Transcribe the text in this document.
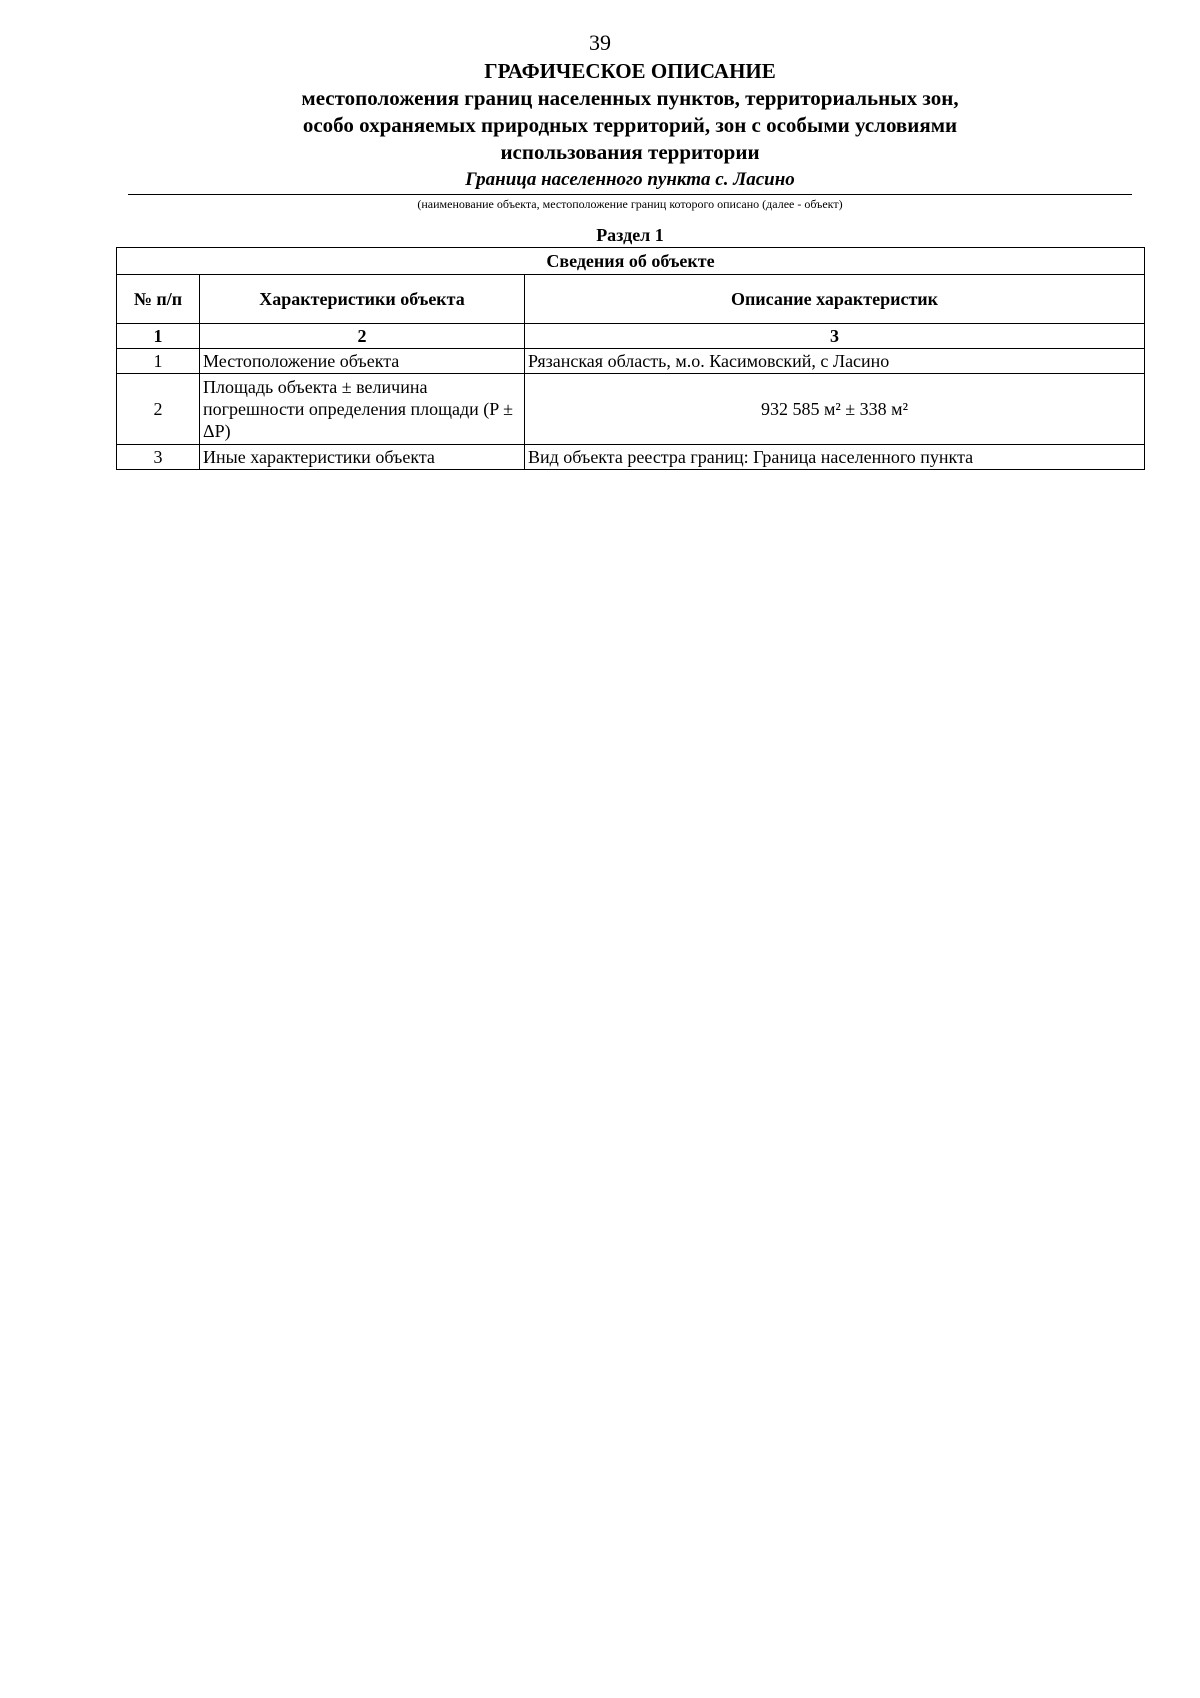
39
ГРАФИЧЕСКОЕ ОПИСАНИЕ
местоположения границ населенных пунктов, территориальных зон, особо охраняемых природных территорий, зон с особыми условиями использования территории
Граница населенного пункта с. Ласино
(наименование объекта, местоположение границ которого описано (далее - объект)
Раздел 1
Сведения об объекте		
№ п/п	Характеристики объекта	Описание характеристик
1	2	3
1	Местоположение объекта	Рязанская область, м.о. Касимовский, с Ласино
2	Площадь объекта ± величина погрешности определения площади (P ± ΔP)	932 585 м² ± 338 м²
3	Иные характеристики объекта	Вид объекта реестра границ: Граница населенного пункта
